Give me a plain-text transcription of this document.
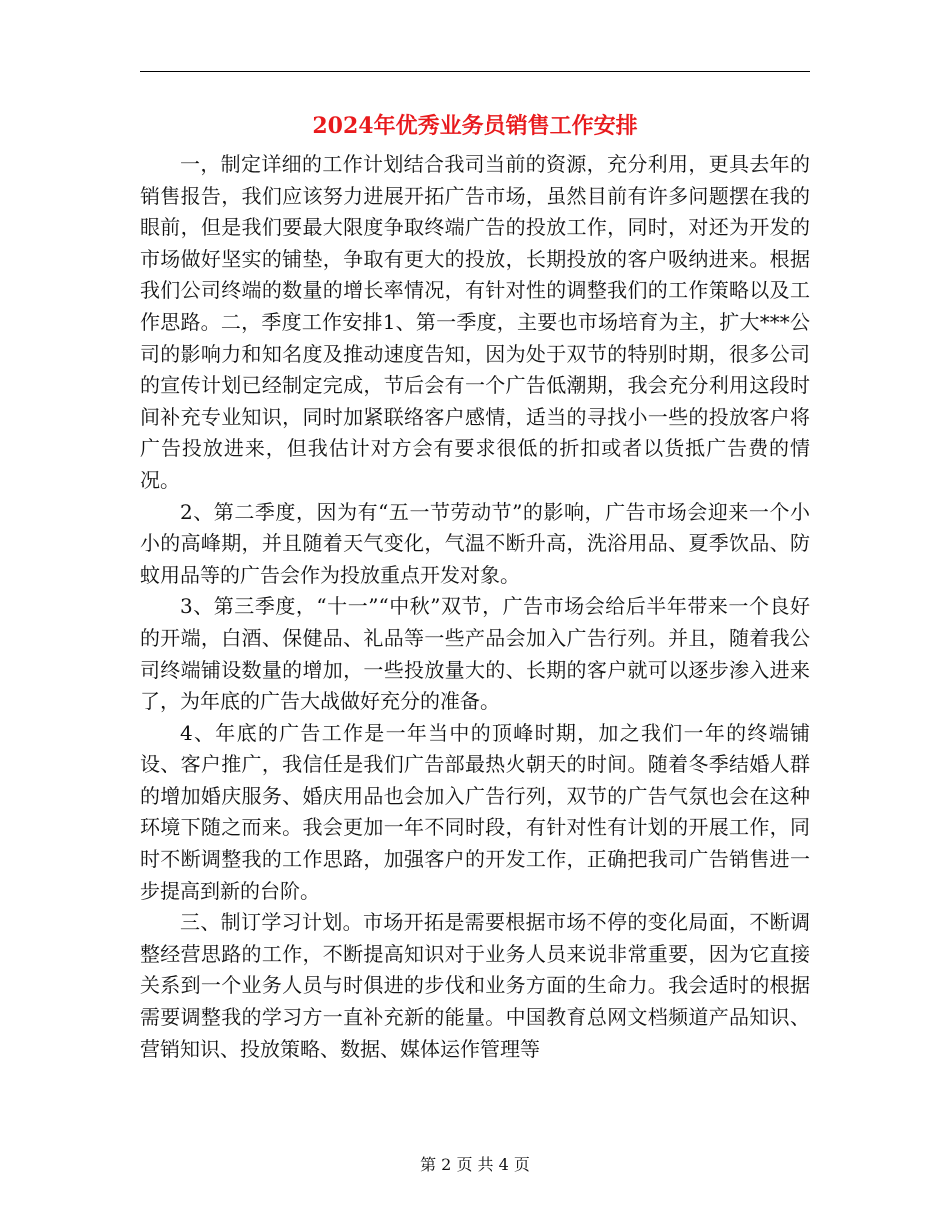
2024年优秀业务员销售工作安排

一，制定详细的工作计划结合我司当前的资源，充分利用，更具去年的销售报告，我们应该努力进展开拓广告市场，虽然目前有许多问题摆在我的眼前，但是我们要最大限度争取终端广告的投放工作，同时，对还为开发的市场做好坚实的铺垫，争取有更大的投放，长期投放的客户吸纳进来。根据我们公司终端的数量的增长率情况，有针对性的调整我们的工作策略以及工作思路。二，季度工作安排1、第一季度，主要也市场培育为主，扩大***公司的影响力和知名度及推动速度告知，因为处于双节的特别时期，很多公司的宣传计划已经制定完成，节后会有一个广告低潮期，我会充分利用这段时间补充专业知识，同时加紧联络客户感情，适当的寻找小一些的投放客户将广告投放进来，但我估计对方会有要求很低的折扣或者以货抵广告费的情况。

2、第二季度，因为有“五一节劳动节”的影响，广告市场会迎来一个小小的高峰期，并且随着天气变化，气温不断升高，洗浴用品、夏季饮品、防蚊用品等的广告会作为投放重点开发对象。

3、第三季度，“十一”“中秋”双节，广告市场会给后半年带来一个良好的开端，白酒、保健品、礼品等一些产品会加入广告行列。并且，随着我公司终端铺设数量的增加，一些投放量大的、长期的客户就可以逐步渗入进来了，为年底的广告大战做好充分的准备。

4、年底的广告工作是一年当中的顶峰时期，加之我们一年的终端铺设、客户推广，我信任是我们广告部最热火朝天的时间。随着冬季结婚人群的增加婚庆服务、婚庆用品也会加入广告行列，双节的广告气氛也会在这种环境下随之而来。我会更加一年不同时段，有针对性有计划的开展工作，同时不断调整我的工作思路，加强客户的开发工作，正确把我司广告销售进一步提高到新的台阶。

三、制订学习计划。市场开拓是需要根据市场不停的变化局面，不断调整经营思路的工作，不断提高知识对于业务人员来说非常重要，因为它直接关系到一个业务人员与时俱进的步伐和业务方面的生命力。我会适时的根据需要调整我的学习方一直补充新的能量。中国教育总网文档频道产品知识、营销知识、投放策略、数据、媒体运作管理等

第 2 页 共 4 页
